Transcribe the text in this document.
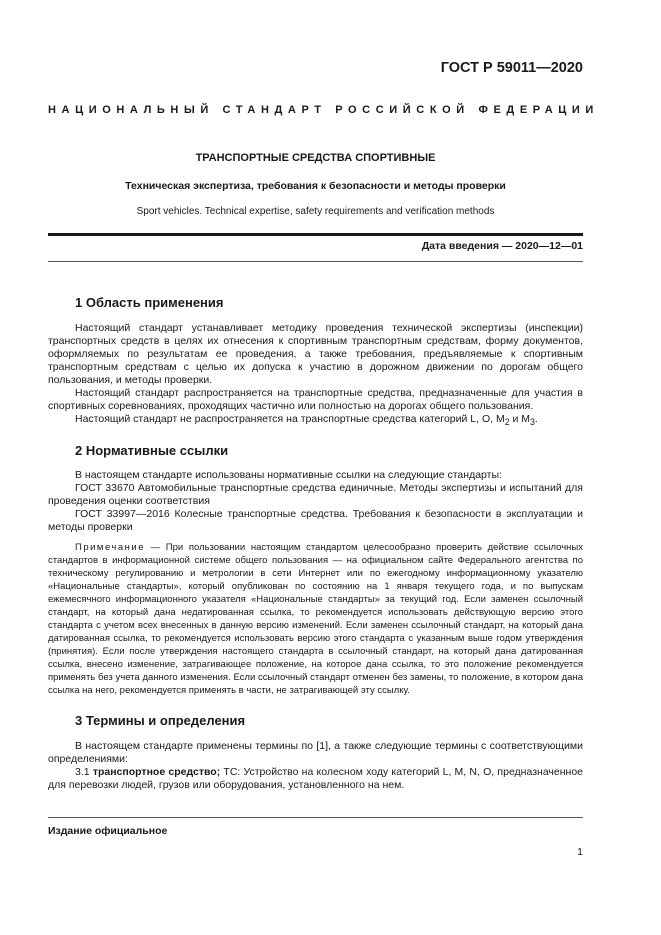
ГОСТ Р 59011—2020
НАЦИОНАЛЬНЫЙ СТАНДАРТ РОССИЙСКОЙ ФЕДЕРАЦИИ
ТРАНСПОРТНЫЕ СРЕДСТВА СПОРТИВНЫЕ
Техническая экспертиза, требования к безопасности и методы проверки
Sport vehicles. Technical expertise, safety requirements and verification methods
Дата введения — 2020—12—01
1 Область применения

Настоящий стандарт устанавливает методику проведения технической экспертизы (инспекции) транспортных средств в целях их отнесения к спортивным транспортным средствам, форму документов, оформляемых по результатам ее проведения, а также требования, предъявляемые к спортивным транспортным средствам с целью их допуска к участию в дорожном движении по дорогам общего пользования, и методы проверки.

Настоящий стандарт распространяется на транспортные средства, предназначенные для участия в спортивных соревнованиях, проходящих частично или полностью на дорогах общего пользования.

Настоящий стандарт не распространяется на транспортные средства категорий L, O, $M_2$ и $M_3$.

2 Нормативные ссылки

В настоящем стандарте использованы нормативные ссылки на следующие стандарты:

ГОСТ 33670 Автомобильные транспортные средства единичные. Методы экспертизы и испытаний для проведения оценки соответствия

ГОСТ 33997—2016 Колесные транспортные средства. Требования к безопасности в эксплуатации и методы проверки

Примечание — При пользовании настоящим стандартом целесообразно проверить действие ссылочных стандартов в информационной системе общего пользования — на официальном сайте Федерального агентства по техническому регулированию и метрологии в сети Интернет или по ежегодному информационному указателю «Национальные стандарты», который опубликован по состоянию на 1 января текущего года, и по выпускам ежемесячного информационного указателя «Национальные стандарты» за текущий год. Если заменен ссылочный стандарт, на который дана недатированная ссылка, то рекомендуется использовать действующую версию этого стандарта с учетом всех внесенных в данную версию изменений. Если заменен ссылочный стандарт, на который дана датированная ссылка, то рекомендуется использовать версию этого стандарта с указанным выше годом утверждения (принятия). Если после утверждения настоящего стандарта в ссылочный стандарт, на который дана датированная ссылка, внесено изменение, затрагивающее положение, на которое дана ссылка, то это положение рекомендуется применять без учета данного изменения. Если ссылочный стандарт отменен без замены, то положение, в котором дана ссылка на него, рекомендуется применять в части, не затрагивающей эту ссылку.

3 Термины и определения

В настоящем стандарте применены термины по [1], а также следующие термины с соответствующими определениями:

3.1 транспортное средство; ТС: Устройство на колесном ходу категорий L, M, N, O, предназначенное для перевозки людей, грузов или оборудования, установленного на нем.

Издание официальное
1
